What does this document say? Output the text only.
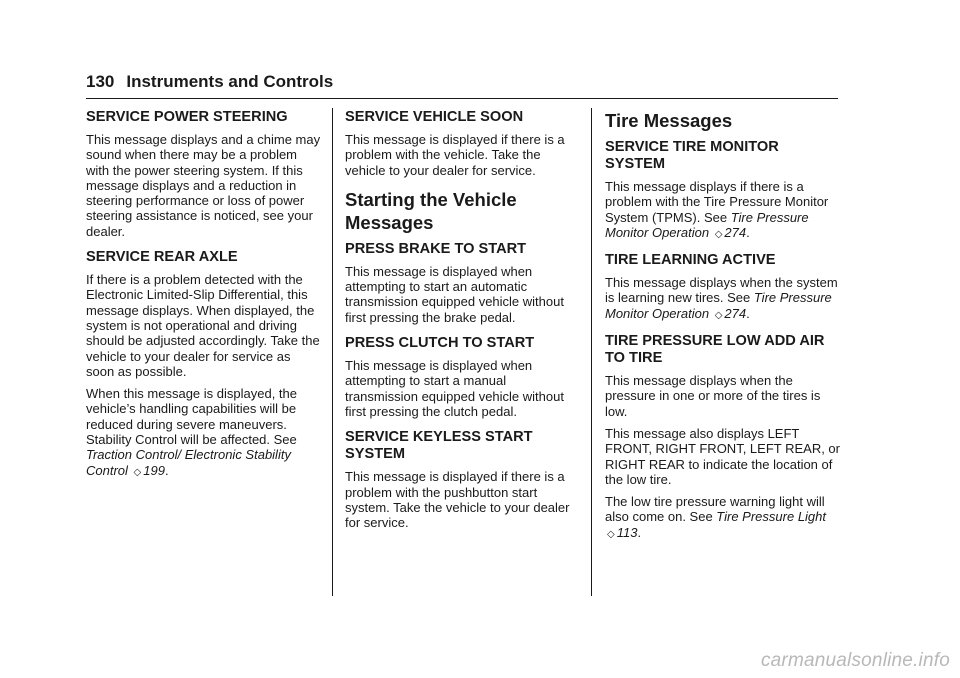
130 Instruments and Controls
SERVICE POWER STEERING

This message displays and a chime may sound when there may be a problem with the power steering system. If this message displays and a reduction in steering performance or loss of power steering assistance is noticed, see your dealer.

SERVICE REAR AXLE

If there is a problem detected with the Electronic Limited-Slip Differential, this message displays. When displayed, the system is not operational and driving should be adjusted accordingly. Take the vehicle to your dealer for service as soon as possible.

When this message is displayed, the vehicle’s handling capabilities will be reduced during severe maneuvers. Stability Control will be affected. See Traction Control/ Electronic Stability Control ◇ 199.

SERVICE VEHICLE SOON

This message is displayed if there is a problem with the vehicle. Take the vehicle to your dealer for service.

Starting the Vehicle Messages
PRESS BRAKE TO START

This message is displayed when attempting to start an automatic transmission equipped vehicle without first pressing the brake pedal.

PRESS CLUTCH TO START

This message is displayed when attempting to start a manual transmission equipped vehicle without first pressing the clutch pedal.

SERVICE KEYLESS START SYSTEM

This message is displayed if there is a problem with the pushbutton start system. Take the vehicle to your dealer for service.

Tire Messages
SERVICE TIRE MONITOR SYSTEM

This message displays if there is a problem with the Tire Pressure Monitor System (TPMS). See Tire Pressure Monitor Operation ◇ 274.

TIRE LEARNING ACTIVE

This message displays when the system is learning new tires. See Tire Pressure Monitor Operation ◇ 274.

TIRE PRESSURE LOW ADD AIR TO TIRE

This message displays when the pressure in one or more of the tires is low.

This message also displays LEFT FRONT, RIGHT FRONT, LEFT REAR, or RIGHT REAR to indicate the location of the low tire.

The low tire pressure warning light will also come on. See Tire Pressure Light ◇ 113.

carmanualsonline.info
